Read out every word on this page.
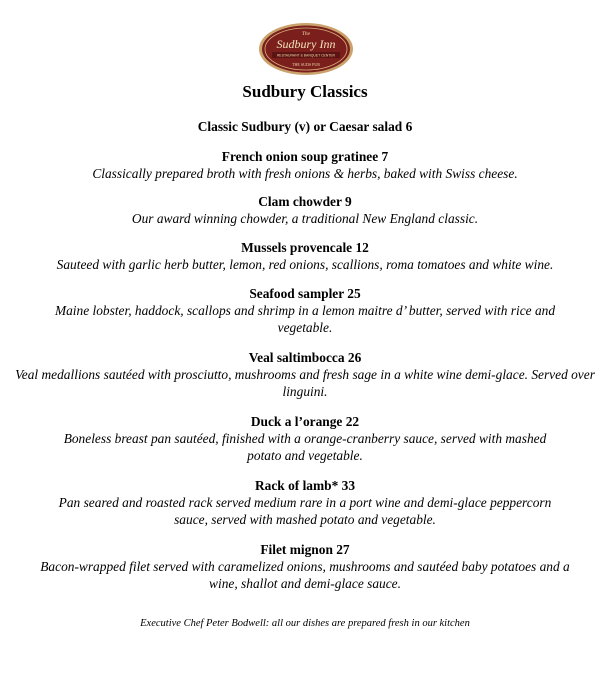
The
Sudbury Inn
RESTAURANT & BANQUET CENTER
THE SUDS PUB
Sudbury Classics
Classic Sudbury (v) or Caesar salad 6
French onion soup gratinee 7
Classically prepared broth with fresh onions & herbs, baked with Swiss cheese.
Clam chowder 9
Our award winning chowder, a traditional New England classic.
Mussels provencale 12
Sauteed with garlic herb butter, lemon, red onions, scallions, roma tomatoes and white wine.
Seafood sampler 25
Maine lobster, haddock, scallops and shrimp in a lemon maitre d’ butter, served with rice and vegetable.
Veal saltimbocca 26
Veal medallions sautéed with prosciutto, mushrooms and fresh sage in a white wine demi-glace. Served over linguini.
Duck a l’orange 22
Boneless breast pan sautéed, finished with a orange-cranberry sauce, served with mashed potato and vegetable.
Rack of lamb* 33
Pan seared and roasted rack served medium rare in a port wine and demi-glace peppercorn sauce, served with mashed potato and vegetable.
Filet mignon 27
Bacon-wrapped filet served with caramelized onions, mushrooms and sautéed baby potatoes and a wine, shallot and demi-glace sauce.
Executive Chef Peter Bodwell: all our dishes are prepared fresh in our kitchen
